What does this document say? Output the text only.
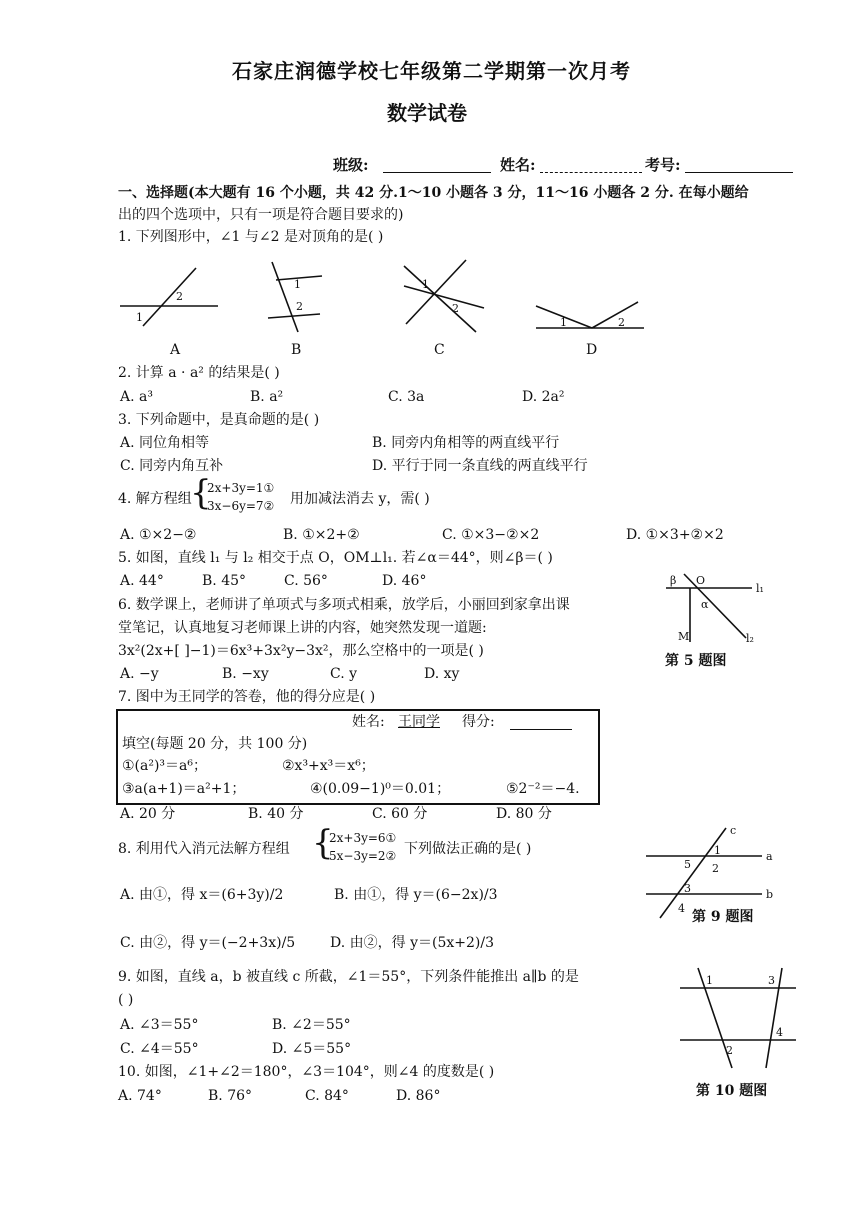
石家庄润德学校七年级第二学期第一次月考
数学试卷
班级:	姓名:	考号:
一、选择题(本大题有 16 个小题，共 42 分.1～10 小题各 3 分，11～16 小题各 2 分. 在每小题给
出的四个选项中，只有一项是符合题目要求的)
1. 下列图形中，∠1 与∠2 是对顶角的是( )
1
2
A
1
2
B
1
2
C
1	2
D
2. 计算 a · a² 的结果是( )
A. a³	B. a²	C. 3a	D. 2a²
3. 下列命题中，是真命题的是( )
A. 同位角相等	B. 同旁内角相等的两直线平行
C. 同旁内角互补	D. 平行于同一条直线的两直线平行
4. 解方程组
{
2x+3y=1①
3x−6y=7② 用加减法消去 y，需( )
A. ①×2−②	B. ①×2+②	C. ①×3−②×2	D. ①×3+②×2
5. 如图，直线 l₁ 与 l₂ 相交于点 O，OM⊥l₁. 若∠α＝44°，则∠β＝( )
A. 44°	B. 45°	C. 56°	D. 46°	β O
l₁
α
M	l₂
第 5 题图
6. 数学课上，老师讲了单项式与多项式相乘，放学后，小丽回到家拿出课
堂笔记，认真地复习老师课上讲的内容，她突然发现一道题:
3x²(2x+[ ]−1)＝6x³+3x²y−3x²，那么空格中的一项是( )
A. −y	B. −xy	C. y	D. xy
7. 图中为王同学的答卷，他的得分应是( )
姓名: 王同学 得分:
填空(每题 20 分，共 100 分)
①(a²)³＝a⁶；	②x³+x³＝x⁶；
③a(a+1)＝a²+1；	④(0.09−1)⁰＝0.01；	⑤2⁻²＝−4.
A. 20 分	B. 40 分	C. 60 分	D. 80 分
8. 利用代入消元法解方程组 {
2x+3y=6①
5x−3y=2② 下列做法正确的是( )
A. 由①，得 x＝(6+3y)/2	B. 由①，得 y＝(6−2x)/3
C. 由②，得 y＝(−2+3x)/5 D. 由②，得 y＝(5x+2)/3
c
a
b
1
2
3
4
5
第 9 题图
9. 如图，直线 a，b 被直线 c 所截，∠1＝55°，下列条件能推出 a∥b 的是
( )
A. ∠3＝55°	B. ∠2＝55°
C. ∠4＝55°	D. ∠5＝55°
1
2
3
4
第 10 题图
10. 如图，∠1+∠2＝180°，∠3＝104°，则∠4 的度数是( )
A. 74°	B. 76°	C. 84°	D. 86°
